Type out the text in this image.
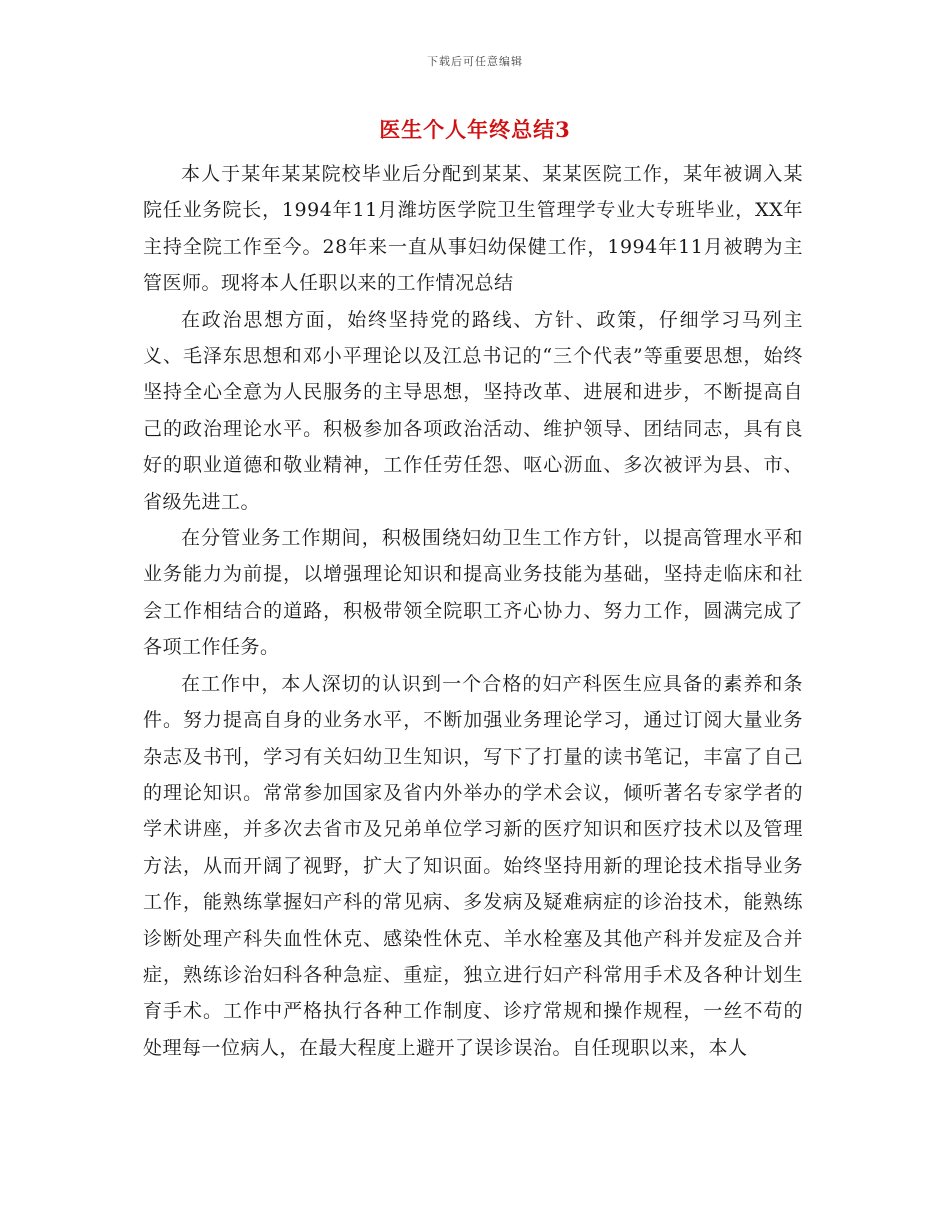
下载后可任意编辑
医生个人年终总结3

本人于某年某某院校毕业后分配到某某、某某医院工作，某年被调入某院任业务院长，1994年11月潍坊医学院卫生管理学专业大专班毕业，XX年主持全院工作至今。28年来一直从事妇幼保健工作，1994年11月被聘为主管医师。现将本人任职以来的工作情况总结

在政治思想方面，始终坚持党的路线、方针、政策，仔细学习马列主义、毛泽东思想和邓小平理论以及江总书记的“三个代表”等重要思想，始终坚持全心全意为人民服务的主导思想，坚持改革、进展和进步，不断提高自己的政治理论水平。积极参加各项政治活动、维护领导、团结同志，具有良好的职业道德和敬业精神，工作任劳任怨、呕心沥血、多次被评为县、市、省级先进工。

在分管业务工作期间，积极围绕妇幼卫生工作方针，以提高管理水平和业务能力为前提，以增强理论知识和提高业务技能为基础，坚持走临床和社会工作相结合的道路，积极带领全院职工齐心协力、努力工作，圆满完成了各项工作任务。

在工作中，本人深切的认识到一个合格的妇产科医生应具备的素养和条件。努力提高自身的业务水平，不断加强业务理论学习，通过订阅大量业务杂志及书刊，学习有关妇幼卫生知识，写下了打量的读书笔记，丰富了自己的理论知识。常常参加国家及省内外举办的学术会议，倾听著名专家学者的学术讲座，并多次去省市及兄弟单位学习新的医疗知识和医疗技术以及管理方法，从而开阔了视野，扩大了知识面。始终坚持用新的理论技术指导业务工作，能熟练掌握妇产科的常见病、多发病及疑难病症的诊治技术，能熟练诊断处理产科失血性休克、感染性休克、羊水栓塞及其他产科并发症及合并症，熟练诊治妇科各种急症、重症，独立进行妇产科常用手术及各种计划生育手术。工作中严格执行各种工作制度、诊疗常规和操作规程，一丝不苟的处理每一位病人，在最大程度上避开了误诊误治。自任现职以来，本人
